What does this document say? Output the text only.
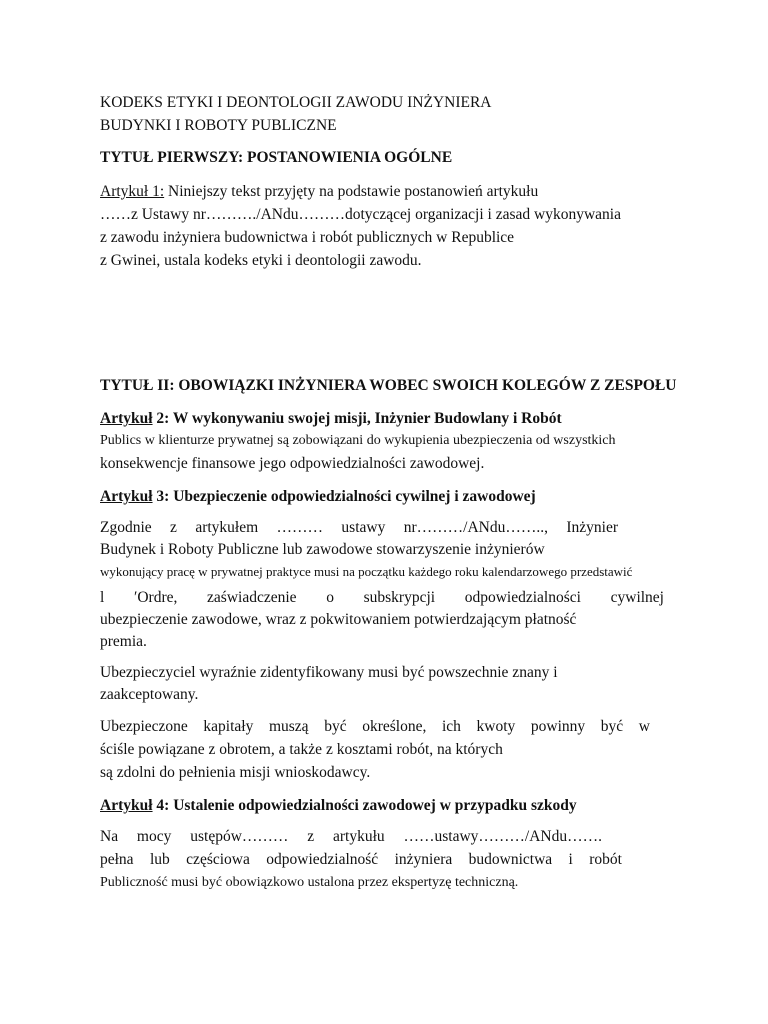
KODEKS ETYKI I DEONTOLOGII ZAWODU INŻYNIERA
BUDYNKI I ROBOTY PUBLICZNE
TYTUŁ PIERWSZY: POSTANOWIENIA OGÓLNE
Artykuł 1: Niniejszy tekst przyjęty na podstawie postanowień artykułu
……z Ustawy nr………./ANdu………dotyczącej organizacji i zasad wykonywania
z zawodu inżyniera budownictwa i robót publicznych w Republice
z Gwinei, ustala kodeks etyki i deontologii zawodu.
TYTUŁ II: OBOWIĄZKI INŻYNIERA WOBEC SWOICH KOLEGÓW Z ZESPOŁU
Artykuł 2: W wykonywaniu swojej misji, Inżynier Budowlany i Robót
Publics w klienturze prywatnej są zobowiązani do wykupienia ubezpieczenia od wszystkich
konsekwencje finansowe jego odpowiedzialności zawodowej.
Artykuł 3: Ubezpieczenie odpowiedzialności cywilnej i zawodowej
Zgodnie z artykułem ……… ustawy nr………/ANdu…….., Inżynier
Budynek i Roboty Publiczne lub zawodowe stowarzyszenie inżynierów
wykonujący pracę w prywatnej praktyce musi na początku każdego roku kalendarzowego przedstawić
l ′Ordre, zaświadczenie o subskrypcji odpowiedzialności cywilnej
ubezpieczenie zawodowe, wraz z pokwitowaniem potwierdzającym płatność
premia.
Ubezpieczyciel wyraźnie zidentyfikowany musi być powszechnie znany i
zaakceptowany.
Ubezpieczone kapitały muszą być określone, ich kwoty powinny być w
ściśle powiązane z obrotem, a także z kosztami robót, na których
są zdolni do pełnienia misji wnioskodawcy.
Artykuł 4: Ustalenie odpowiedzialności zawodowej w przypadku szkody
Na mocy ustępów……… z artykułu ……ustawy………/ANdu…….
pełna lub częściowa odpowiedzialność inżyniera budownictwa i robót
Publiczność musi być obowiązkowo ustalona przez ekspertyzę techniczną.
